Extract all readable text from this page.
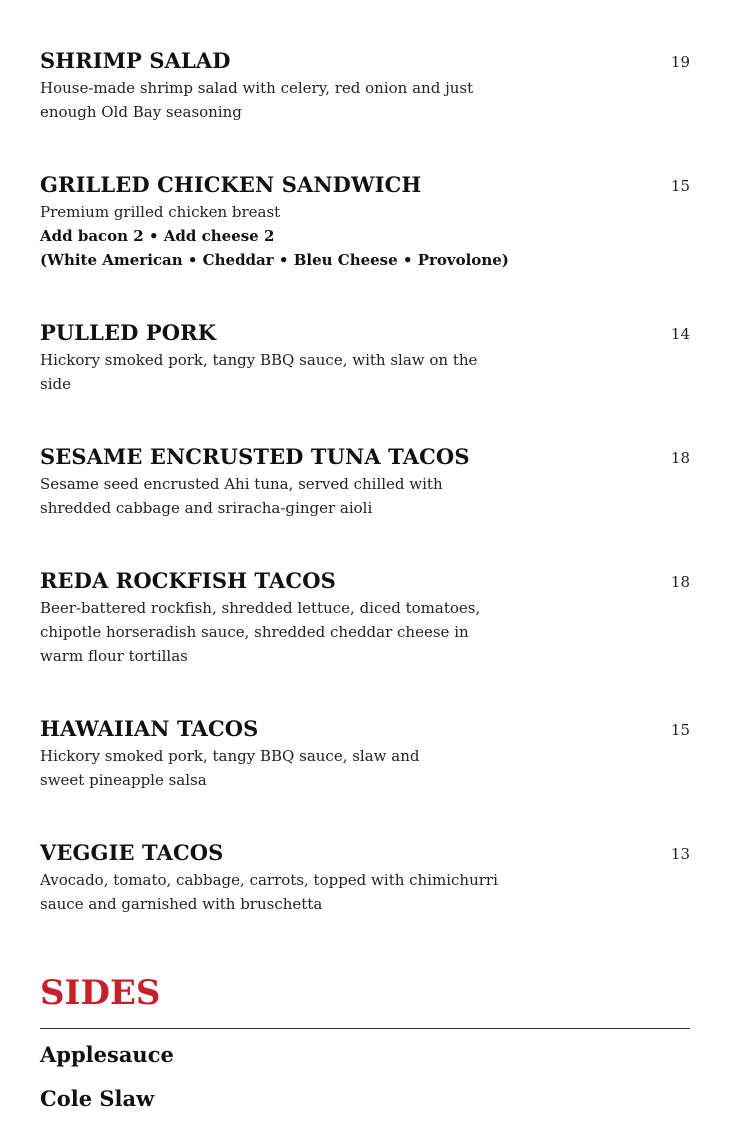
SHRIMP SALAD	19
House-made shrimp salad with celery, red onion and just enough Old Bay seasoning
GRILLED CHICKEN SANDWICH	15
Premium grilled chicken breast
Add bacon 2 • Add cheese 2
(White American • Cheddar • Bleu Cheese • Provolone)
PULLED PORK	14
Hickory smoked pork, tangy BBQ sauce, with slaw on the side
SESAME ENCRUSTED TUNA TACOS	18
Sesame seed encrusted Ahi tuna, served chilled with shredded cabbage and sriracha-ginger aioli
REDA ROCKFISH TACOS	18
Beer-battered rockfish, shredded lettuce, diced tomatoes, chipotle horseradish sauce, shredded cheddar cheese in warm flour tortillas
HAWAIIAN TACOS	15
Hickory smoked pork, tangy BBQ sauce, slaw and sweet pineapple salsa
VEGGIE TACOS	13
Avocado, tomato, cabbage, carrots, topped with chimichurri sauce and garnished with bruschetta
SIDES
Applesauce
Cole Slaw
